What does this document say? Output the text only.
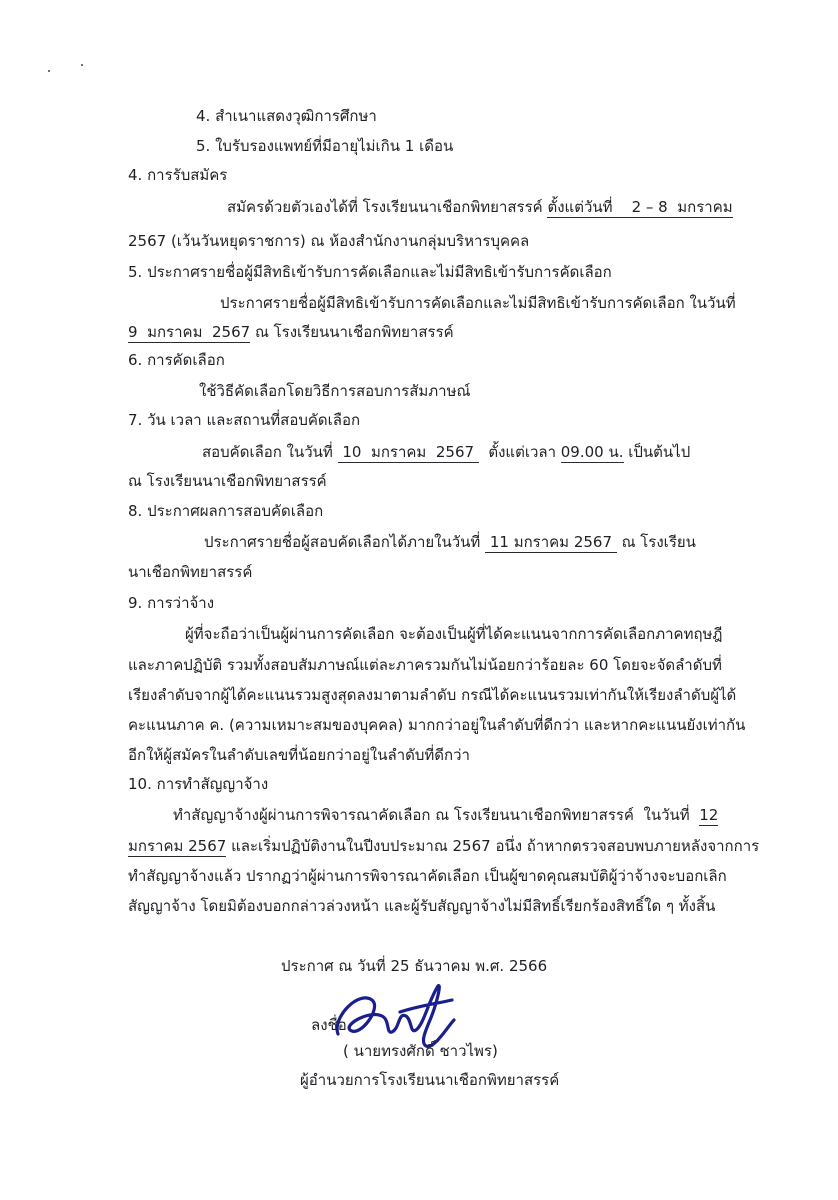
4. สำเนาแสดงวุฒิการศึกษา
5. ใบรับรองแพทย์ที่มีอายุไม่เกิน 1 เดือน
4. การรับสมัคร
สมัครด้วยตัวเองได้ที่ โรงเรียนนาเชือกพิทยาสรรค์ ตั้งแต่วันที่    2 – 8  มกราคม
2567 (เว้นวันหยุดราชการ) ณ ห้องสำนักงานกลุ่มบริหารบุคคล
5. ประกาศรายชื่อผู้มีสิทธิเข้ารับการคัดเลือกและไม่มีสิทธิเข้ารับการคัดเลือก
ประกาศรายชื่อผู้มีสิทธิเข้ารับการคัดเลือกและไม่มีสิทธิเข้ารับการคัดเลือก ในวันที่
9  มกราคม  2567 ณ โรงเรียนนาเชือกพิทยาสรรค์
6. การคัดเลือก
ใช้วิธีคัดเลือกโดยวิธีการสอบการสัมภาษณ์
7. วัน เวลา และสถานที่สอบคัดเลือก
สอบคัดเลือก ในวันที่  10  มกราคม  2567   ตั้งแต่เวลา 09.00 น. เป็นต้นไป
ณ โรงเรียนนาเชือกพิทยาสรรค์
8. ประกาศผลการสอบคัดเลือก
ประกาศรายชื่อผู้สอบคัดเลือกได้ภายในวันที่  11 มกราคม 2567  ณ โรงเรียน
นาเชือกพิทยาสรรค์
9. การว่าจ้าง
ผู้ที่จะถือว่าเป็นผู้ผ่านการคัดเลือก จะต้องเป็นผู้ที่ได้คะแนนจากการคัดเลือกภาคทฤษฎี
และภาคปฏิบัติ รวมทั้งสอบสัมภาษณ์แต่ละภาครวมกันไม่น้อยกว่าร้อยละ 60 โดยจะจัดลำดับที่
เรียงลำดับจากผู้ได้คะแนนรวมสูงสุดลงมาตามลำดับ กรณีได้คะแนนรวมเท่ากันให้เรียงลำดับผู้ได้
คะแนนภาค ค. (ความเหมาะสมของบุคคล) มากกว่าอยู่ในลำดับที่ดีกว่า และหากคะแนนยังเท่ากัน
อีกให้ผู้สมัครในลำดับเลขที่น้อยกว่าอยู่ในลำดับที่ดีกว่า
10. การทำสัญญาจ้าง
ทำสัญญาจ้างผู้ผ่านการพิจารณาคัดเลือก ณ โรงเรียนนาเชือกพิทยาสรรค์  ในวันที่  12
มกราคม 2567 และเริ่มปฏิบัติงานในปีงบประมาณ 2567 อนึ่ง ถ้าหากตรวจสอบพบภายหลังจากการ
ทำสัญญาจ้างแล้ว ปรากฏว่าผู้ผ่านการพิจารณาคัดเลือก เป็นผู้ขาดคุณสมบัติผู้ว่าจ้างจะบอกเลิก
สัญญาจ้าง โดยมิต้องบอกกล่าวล่วงหน้า และผู้รับสัญญาจ้างไม่มีสิทธิ์เรียกร้องสิทธิ์ใด ๆ ทั้งสิ้น
ประกาศ ณ วันที่ 25 ธันวาคม พ.ศ. 2566
ลงชื่อ
( นายทรงศักดิ์ ชาวไพร)
ผู้อำนวยการโรงเรียนนาเชือกพิทยาสรรค์
